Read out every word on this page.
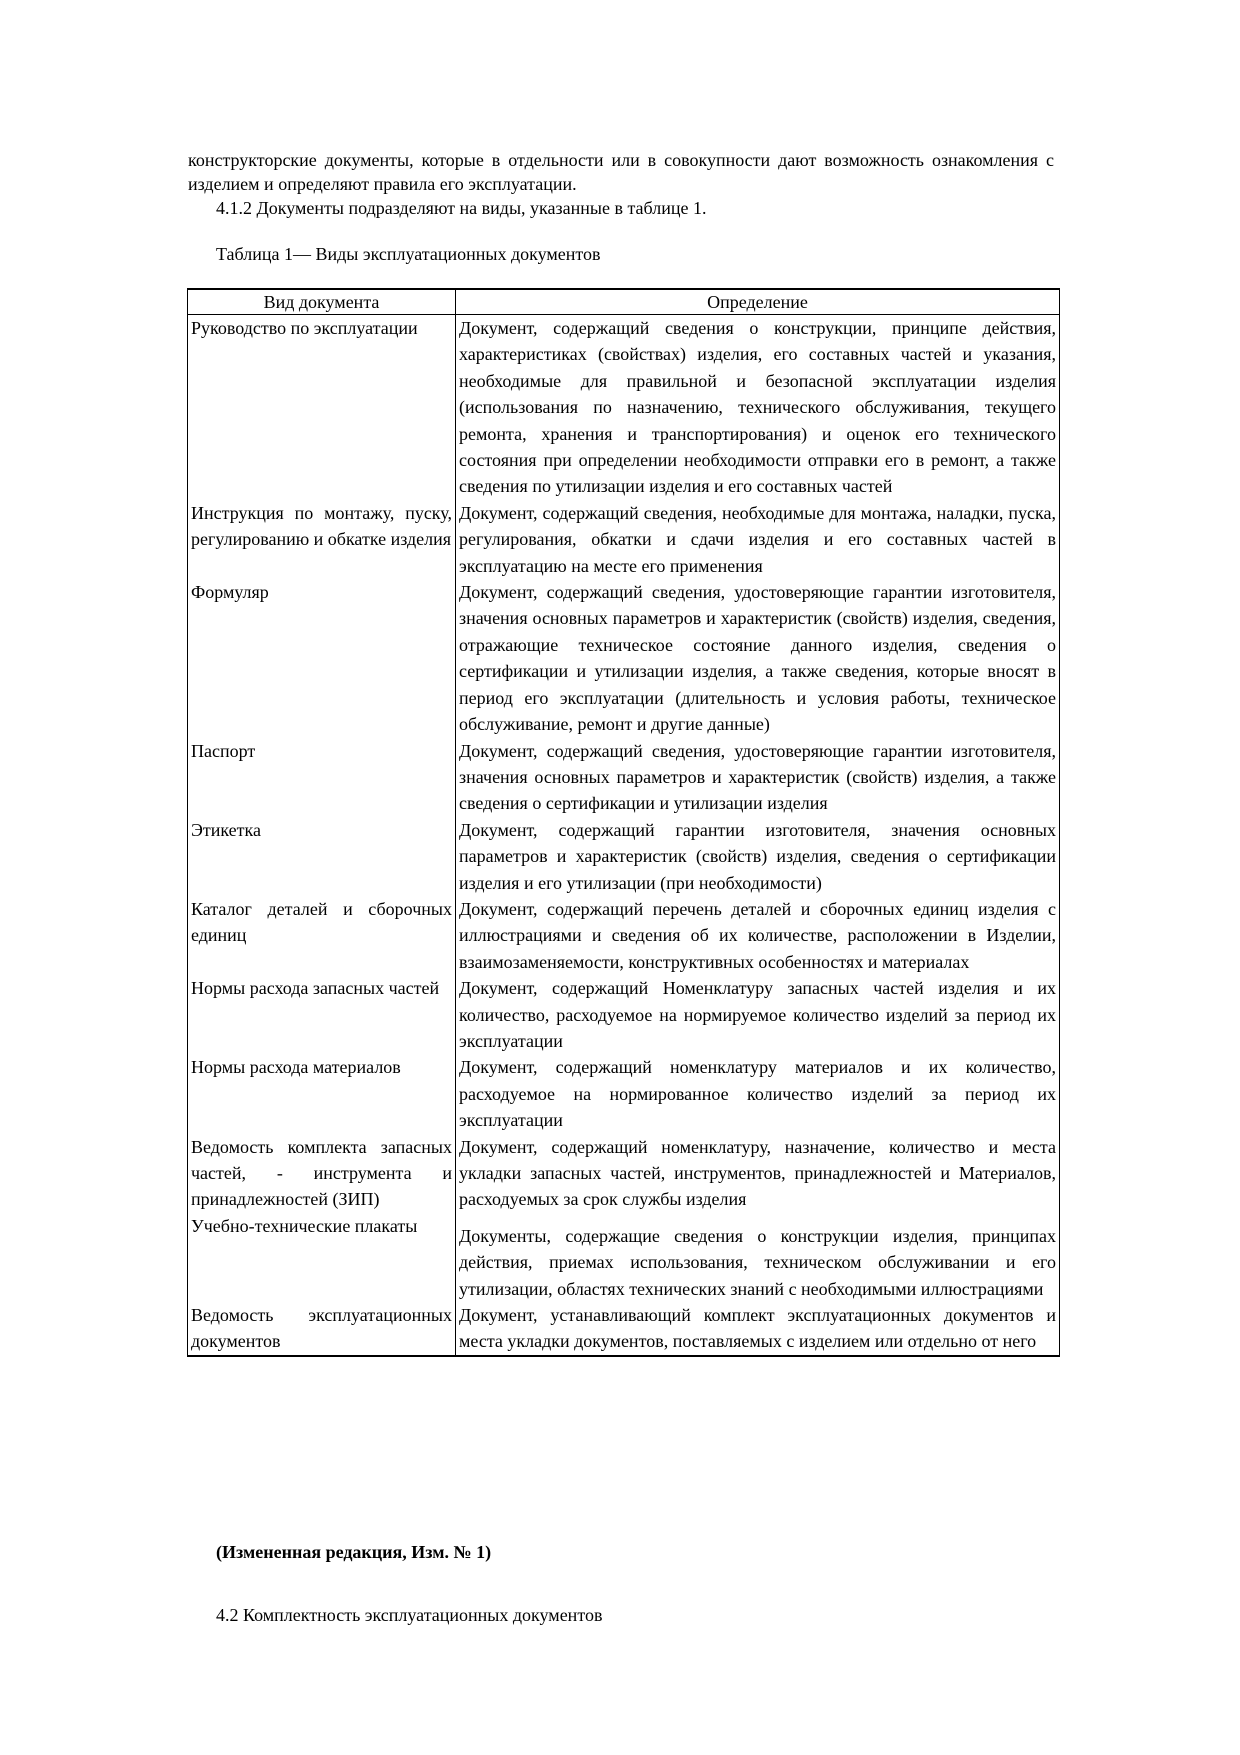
конструкторские документы, которые в отдельности или в совокупности дают возможность ознакомления с изделием и определяют правила его эксплуатации.
4.1.2 Документы подразделяют на виды, указанные в таблице 1.
Таблица 1— Виды эксплуатационных документов
Вид документа	Определение
Руководство по эксплуатации	Документ, содержащий сведения о конструкции, принципе действия, характеристиках (свойствах) изделия, его составных частей и указания, необходимые для правильной и безопасной эксплуатации изделия (использования по назначению, технического обслуживания, текущего ремонта, хранения и транспортирования) и оценок его технического состояния при определении необходимости отправки его в ремонт, а также сведения по утилизации изделия и его составных частей
Инструкция по монтажу, пуску, регулированию и обкатке изделия	Документ, содержащий сведения, необходимые для монтажа, наладки, пуска, регулирования, обкатки и сдачи изделия и его составных частей в эксплуатацию на месте его применения
Формуляр	Документ, содержащий сведения, удостоверяющие гарантии изготовителя, значения основных параметров и характеристик (свойств) изделия, сведения, отражающие техническое состояние данного изделия, сведения о сертификации и утилизации изделия, а также сведения, которые вносят в период его эксплуатации (длительность и условия работы, техническое обслуживание, ремонт и другие данные)
Паспорт	Документ, содержащий сведения, удостоверяющие гарантии изготовителя, значения основных параметров и характеристик (свойств) изделия, а также сведения о сертификации и утилизации изделия
Этикетка	Документ, содержащий гарантии изготовителя, значения основных параметров и характеристик (свойств) изделия, сведения о сертификации изделия и его утилизации (при необходимости)
Каталог деталей и сборочных единиц	Документ, содержащий перечень деталей и сборочных единиц изделия с иллюстрациями и сведения об их количестве, расположении в Изделии, взаимозаменяемости, конструктивных особенностях и материалах
Нормы расхода запасных частей	Документ, содержащий Номенклатуру запасных частей изделия и их количество, расходуемое на нормируемое количество изделий за период их эксплуатации
Нормы расхода материалов	Документ, содержащий номенклатуру материалов и их количество, расходуемое на нормированное количество изделий за период их эксплуатации
Ведомость комплекта запасных частей, - инструмента и принадлежностей (ЗИП)	Документ, содержащий номенклатуру, назначение, количество и места укладки запасных частей, инструментов, принадлежностей и Материалов, расходуемых за срок службы изделия
Учебно-технические плакаты	Документы, содержащие сведения о конструкции изделия, принципах действия, приемах использования, техническом обслуживании и его утилизации, областях технических знаний с необходимыми иллюстрациями
Ведомость эксплуатационных документов	Документ, устанавливающий комплект эксплуатационных документов и места укладки документов, поставляемых с изделием или отдельно от него
(Измененная редакция, Изм. № 1)
4.2 Комплектность эксплуатационных документов
